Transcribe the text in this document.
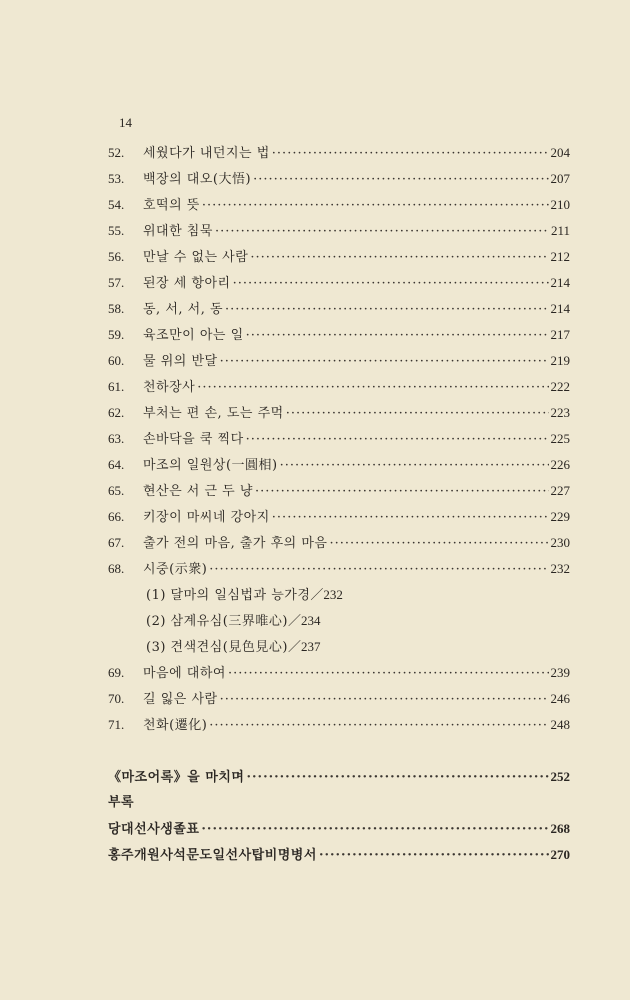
14
52.	세웠다가 내던지는 법 ·····	204
53.	백장의 대오(大悟) ·····	207
54.	호떡의 뜻 ·····	210
55.	위대한 침묵 ·····	211
56.	만날 수 없는 사람 ·····	212
57.	된장 세 항아리 ·····	214
58.	동, 서, 서, 동 ·····	214
59.	육조만이 아는 일 ·····	217
60.	물 위의 반달 ·····	219
61.	천하장사 ·····	222
62.	부처는 편 손, 도는 주먹 ·····	223
63.	손바닥을 쿡 찍다 ·····	225
64.	마조의 일원상(一圓相) ·····	226
65.	현산은 서 근 두 냥 ·····	227
66.	키장이 마씨네 강아지 ·····	229
67.	출가 전의 마음, 출가 후의 마음 ·····	230
68.	시중(示衆) ·····	232
(1) 달마의 일심법과 능가경 ／ 232
(2) 삼계유심(三界唯心) ／ 234
(3) 견색견심(見色見心) ／ 237
69.	마음에 대하여 ·····	239
70.	길 잃은 사람 ·····	246
71.	천화(遷化) ·····	248
《마조어록》을 마치며 ·····	252
부록
당대선사생졸표 ·····	268
홍주개원사석문도일선사탑비명병서 ·····	270
